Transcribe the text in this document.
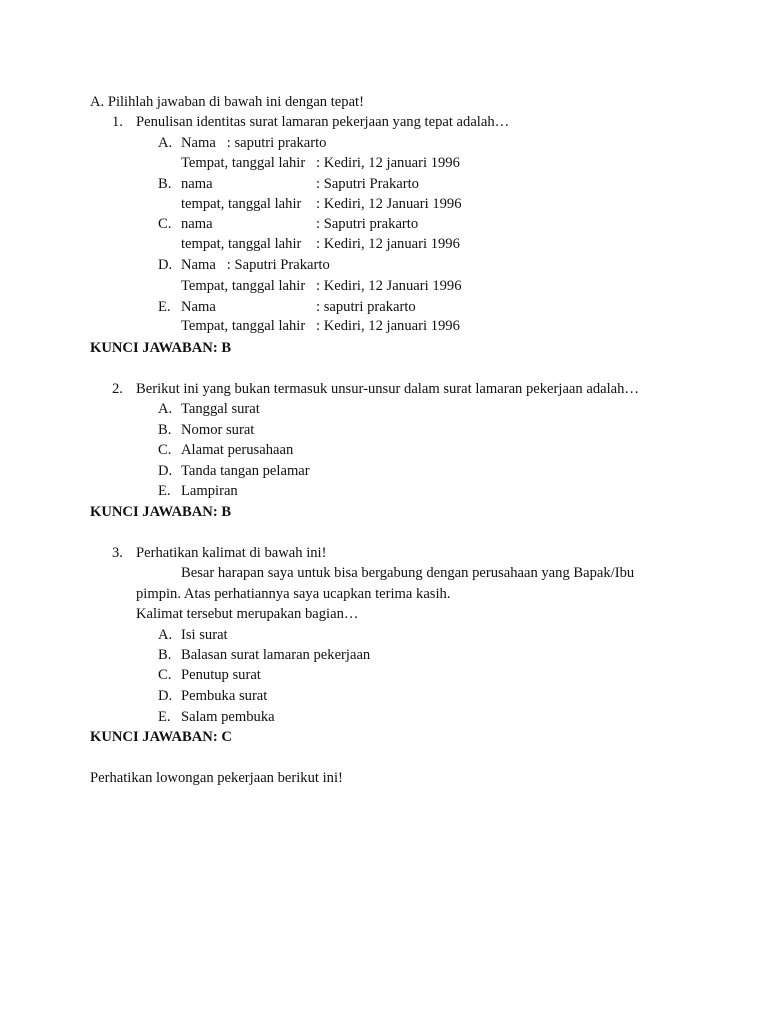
A. Pilihlah jawaban di bawah ini dengan tepat!
1. Penulisan identitas surat lamaran pekerjaan yang tepat adalah…
A. Nama   : saputri prakarto
Tempat, tanggal lahir : Kediri, 12 januari 1996
B. nama	: Saputri Prakarto
tempat, tanggal lahir : Kediri, 12 Januari 1996
C. nama	: Saputri prakarto
tempat, tanggal lahir : Kediri, 12 januari 1996
D. Nama   : Saputri Prakarto
Tempat, tanggal lahir : Kediri, 12 Januari 1996
E. Nama	: saputri prakarto
Tempat, tanggal lahir : Kediri, 12 januari 1996
KUNCI JAWABAN: B
2. Berikut ini yang bukan termasuk unsur-unsur dalam surat lamaran pekerjaan adalah…
A. Tanggal surat
B. Nomor surat
C. Alamat perusahaan
D. Tanda tangan pelamar
E. Lampiran
KUNCI JAWABAN: B
3. Perhatikan kalimat di bawah ini!
Besar harapan saya untuk bisa bergabung dengan perusahaan yang Bapak/Ibu
pimpin. Atas perhatiannya saya ucapkan terima kasih.
Kalimat tersebut merupakan bagian…
A. Isi surat
B. Balasan surat lamaran pekerjaan
C. Penutup surat
D. Pembuka surat
E. Salam pembuka
KUNCI JAWABAN: C
Perhatikan lowongan pekerjaan berikut ini!
